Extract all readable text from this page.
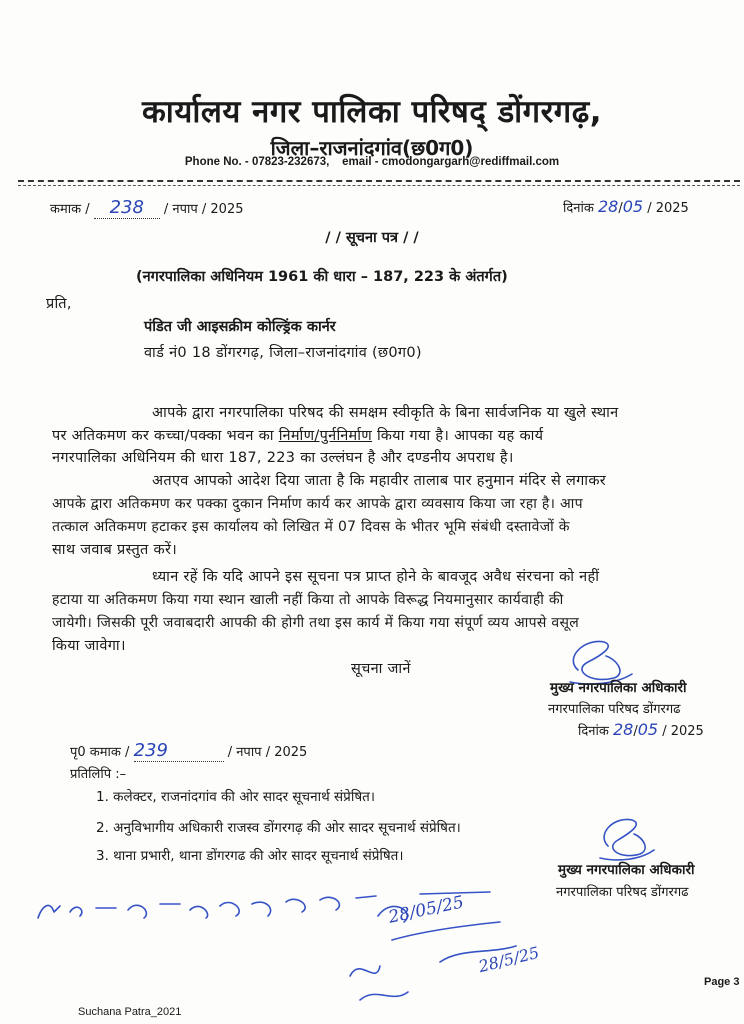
कार्यालय नगर पालिका परिषद् डोंगरगढ़,
जिला–राजनांदगांव(छ0ग0)
Phone No. - 07823-232673, email - cmodongargarh@rediffmail.com
कमाक / 238 / नपाप / 2025	दिनांक 28/05 / 2025
/ / सूचना पत्र / /
(नगरपालिका अधिनियम 1961 की धारा – 187, 223 के अंतर्गत)
प्रति,
पंडित जी आइसक्रीम कोल्ड्रिंक कार्नर
वार्ड नं0 18 डोंगरगढ़, जिला–राजनांदगांव (छ0ग0)
आपके द्वारा नगरपालिका परिषद की समक्षम स्वीकृति के बिना सार्वजनिक या खुले स्थान
पर अतिकमण कर कच्चा/पक्का भवन का निर्माण/पुर्ननिर्माण किया गया है। आपका यह कार्य
नगरपालिका अधिनियम की धारा 187, 223 का उल्लंघन है और दण्डनीय अपराध है।
अतएव आपको आदेश दिया जाता है कि महावीर तालाब पार हनुमान मंदिर से लगाकर
आपके द्वारा अतिकमण कर पक्का दुकान निर्माण कार्य कर आपके द्वारा व्यवसाय किया जा रहा है। आप
तत्काल अतिकमण हटाकर इस कार्यालय को लिखित में 07 दिवस के भीतर भूमि संबंधी दस्तावेजों के
साथ जवाब प्रस्तुत करें।
ध्यान रहें कि यदि आपने इस सूचना पत्र प्राप्त होने के बावजूद अवैध संरचना को नहीं
हटाया या अतिकमण किया गया स्थान खाली नहीं किया तो आपके विरूद्ध नियमानुसार कार्यवाही की
जायेगी। जिसकी पूरी जवाबदारी आपकी की होगी तथा इस कार्य में किया गया संपूर्ण व्यय आपसे वसूल
किया जावेगा।
सूचना जानें
मुख्य नगरपालिका अधिकारी
नगरपालिका परिषद डोंगरगढ
दिनांक 28/05 / 2025
पृ0 कमाक / 239	/ नपाप / 2025
प्रतिलिपि :–
1. कलेक्टर, राजनांदगांव की ओर सादर सूचनार्थ संप्रेषित।
2. अनुविभागीय अधिकारी राजस्व डोंगरगढ़ की ओर सादर सूचनार्थ संप्रेषित।
3. थाना प्रभारी, थाना डोंगरगढ की ओर सादर सूचनार्थ संप्रेषित।
मुख्य नगरपालिका अधिकारी
नगरपालिका परिषद डोंगरगढ
28/05/25
28/5/25
Suchana Patra_2021
Page 3
